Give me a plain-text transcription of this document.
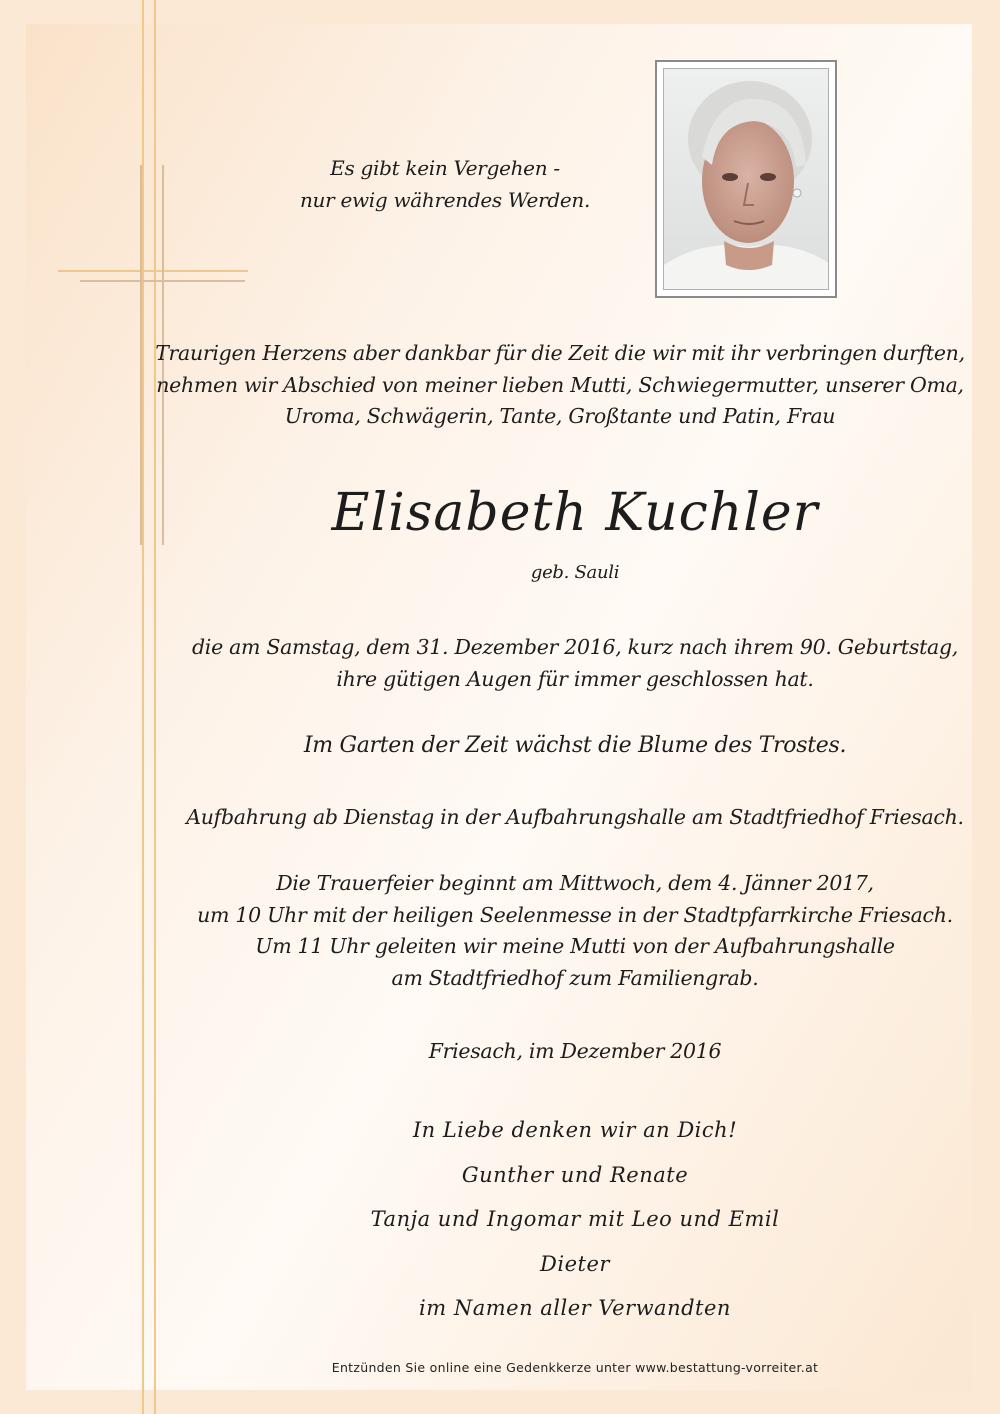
Es gibt kein Vergehen -
nur ewig währendes Werden.
Traurigen Herzens aber dankbar für die Zeit die wir mit ihr verbringen durften,
nehmen wir Abschied von meiner lieben Mutti, Schwiegermutter, unserer Oma,
Uroma, Schwägerin, Tante, Großtante und Patin, Frau
Elisabeth Kuchler
geb. Sauli
die am Samstag, dem 31. Dezember 2016, kurz nach ihrem 90. Geburtstag,
ihre gütigen Augen für immer geschlossen hat.
Im Garten der Zeit wächst die Blume des Trostes.
Aufbahrung ab Dienstag in der Aufbahrungshalle am Stadtfriedhof Friesach.
Die Trauerfeier beginnt am Mittwoch, dem 4. Jänner 2017,
um 10 Uhr mit der heiligen Seelenmesse in der Stadtpfarrkirche Friesach.
Um 11 Uhr geleiten wir meine Mutti von der Aufbahrungshalle
am Stadtfriedhof zum Familiengrab.
Friesach, im Dezember 2016
In Liebe denken wir an Dich!
Gunther und Renate
Tanja und Ingomar mit Leo und Emil
Dieter
im Namen aller Verwandten
Entzünden Sie online eine Gedenkkerze unter www.bestattung-vorreiter.at
